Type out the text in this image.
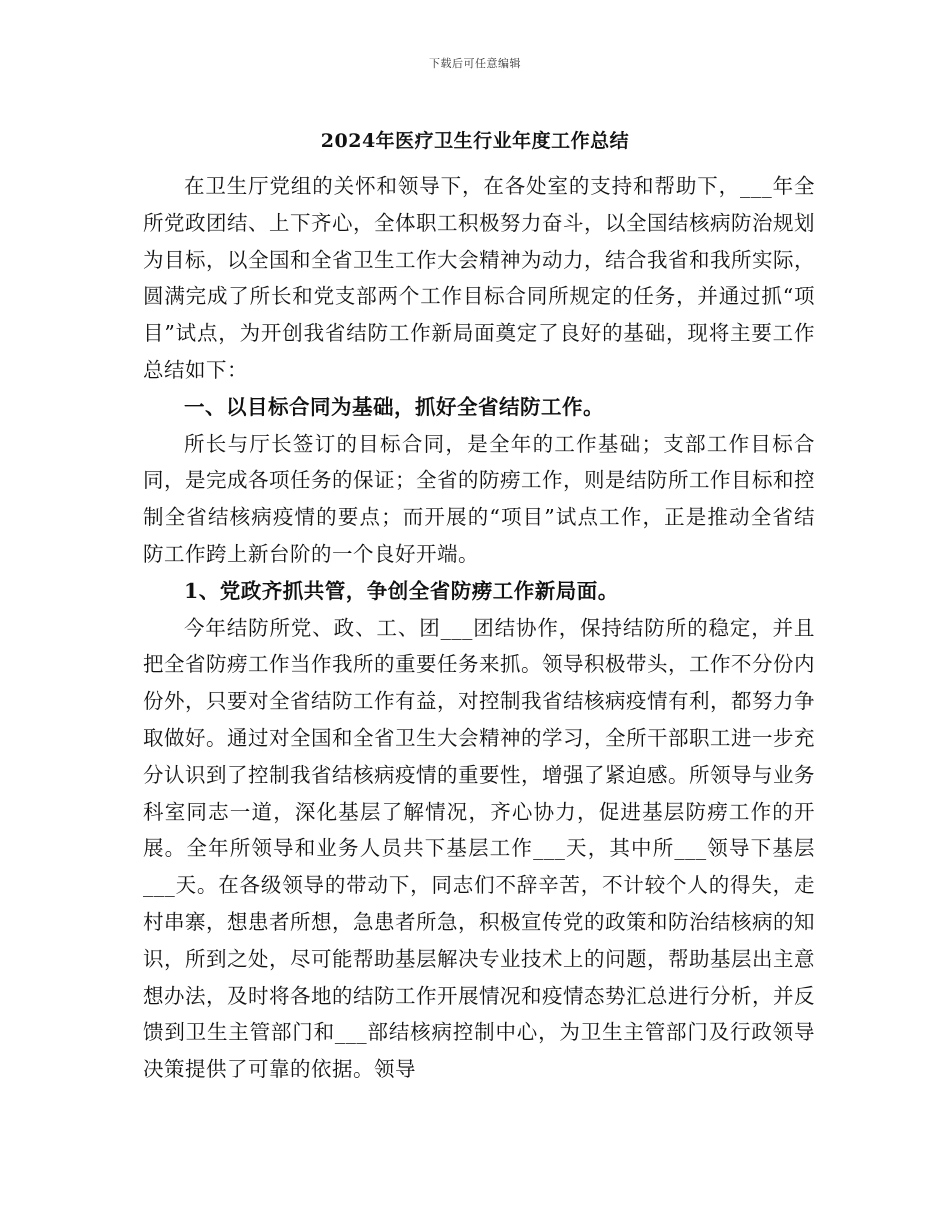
下载后可任意编辑
2024年医疗卫生行业年度工作总结

在卫生厅党组的关怀和领导下，在各处室的支持和帮助下，___年全所党政团结、上下齐心，全体职工积极努力奋斗，以全国结核病防治规划为目标，以全国和全省卫生工作大会精神为动力，结合我省和我所实际，圆满完成了所长和党支部两个工作目标合同所规定的任务，并通过抓“项目”试点，为开创我省结防工作新局面奠定了良好的基础，现将主要工作总结如下：

一、以目标合同为基础，抓好全省结防工作。

所长与厅长签订的目标合同，是全年的工作基础；支部工作目标合同，是完成各项任务的保证；全省的防痨工作，则是结防所工作目标和控制全省结核病疫情的要点；而开展的“项目”试点工作，正是推动全省结防工作跨上新台阶的一个良好开端。

1、党政齐抓共管，争创全省防痨工作新局面。

今年结防所党、政、工、团___团结协作，保持结防所的稳定，并且把全省防痨工作当作我所的重要任务来抓。领导积极带头，工作不分份内份外，只要对全省结防工作有益，对控制我省结核病疫情有利，都努力争取做好。通过对全国和全省卫生大会精神的学习，全所干部职工进一步充分认识到了控制我省结核病疫情的重要性，增强了紧迫感。所领导与业务科室同志一道，深化基层了解情况，齐心协力，促进基层防痨工作的开展。全年所领导和业务人员共下基层工作___天，其中所___领导下基层___天。在各级领导的带动下，同志们不辞辛苦，不计较个人的得失，走村串寨，想患者所想，急患者所急，积极宣传党的政策和防治结核病的知识，所到之处，尽可能帮助基层解决专业技术上的问题，帮助基层出主意想办法，及时将各地的结防工作开展情况和疫情态势汇总进行分析，并反馈到卫生主管部门和___部结核病控制中心，为卫生主管部门及行政领导决策提供了可靠的依据。领导
